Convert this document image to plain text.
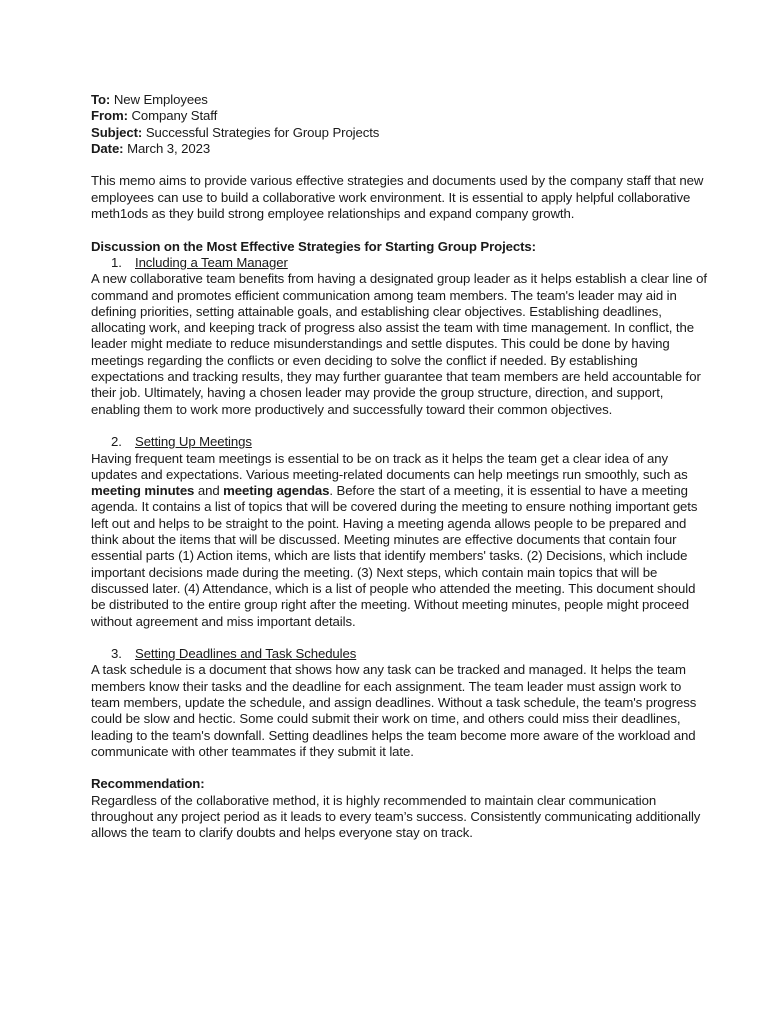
To: New Employees

From: Company Staff

Subject: Successful Strategies for Group Projects

Date: March 3, 2023

This memo aims to provide various effective strategies and documents used by the company staff that new employees can use to build a collaborative work environment. It is essential to apply helpful collaborative meth1ods as they build strong employee relationships and expand company growth.

Discussion on the Most Effective Strategies for Starting Group Projects:

1. Including a Team Manager

A new collaborative team benefits from having a designated group leader as it helps establish a clear line of command and promotes efficient communication among team members. The team's leader may aid in defining priorities, setting attainable goals, and establishing clear objectives. Establishing deadlines, allocating work, and keeping track of progress also assist the team with time management. In conflict, the leader might mediate to reduce misunderstandings and settle disputes. This could be done by having meetings regarding the conflicts or even deciding to solve the conflict if needed. By establishing expectations and tracking results, they may further guarantee that team members are held accountable for their job. Ultimately, having a chosen leader may provide the group structure, direction, and support, enabling them to work more productively and successfully toward their common objectives.

2. Setting Up Meetings

Having frequent team meetings is essential to be on track as it helps the team get a clear idea of any updates and expectations. Various meeting-related documents can help meetings run smoothly, such as meeting minutes and meeting agendas. Before the start of a meeting, it is essential to have a meeting agenda. It contains a list of topics that will be covered during the meeting to ensure nothing important gets left out and helps to be straight to the point. Having a meeting agenda allows people to be prepared and think about the items that will be discussed. Meeting minutes are effective documents that contain four essential parts (1) Action items, which are lists that identify members' tasks. (2) Decisions, which include important decisions made during the meeting. (3) Next steps, which contain main topics that will be discussed later. (4) Attendance, which is a list of people who attended the meeting. This document should be distributed to the entire group right after the meeting. Without meeting minutes, people might proceed without agreement and miss important details.

3. Setting Deadlines and Task Schedules

A task schedule is a document that shows how any task can be tracked and managed. It helps the team members know their tasks and the deadline for each assignment. The team leader must assign work to team members, update the schedule, and assign deadlines. Without a task schedule, the team's progress could be slow and hectic. Some could submit their work on time, and others could miss their deadlines, leading to the team's downfall. Setting deadlines helps the team become more aware of the workload and communicate with other teammates if they submit it late.

Recommendation:

Regardless of the collaborative method, it is highly recommended to maintain clear communication throughout any project period as it leads to every team’s success. Consistently communicating additionally allows the team to clarify doubts and helps everyone stay on track.
